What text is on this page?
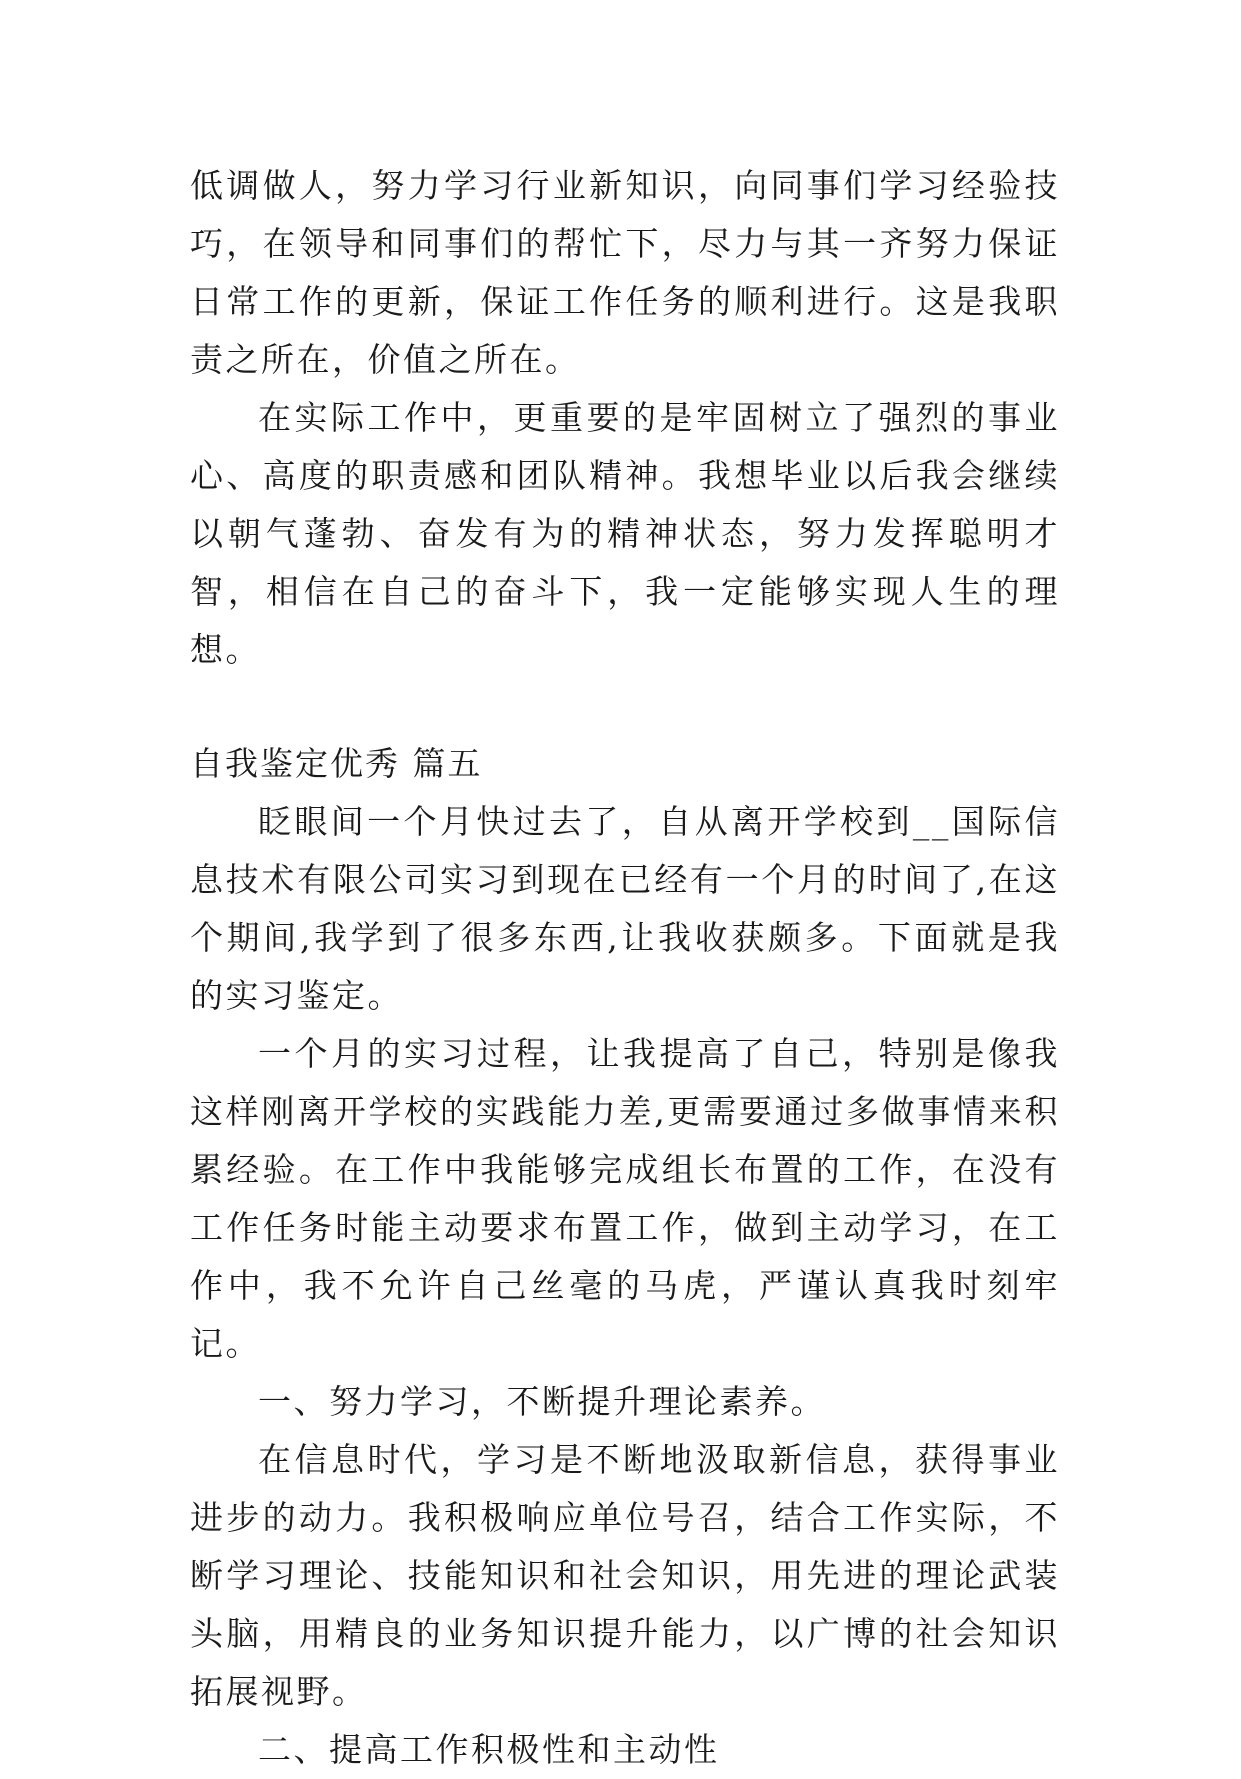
低调做人，努力学习行业新知识，向同事们学习经验技巧，在领导和同事们的帮忙下，尽力与其一齐努力保证日常工作的更新，保证工作任务的顺利进行。这是我职责之所在，价值之所在。

在实际工作中，更重要的是牢固树立了强烈的事业心、高度的职责感和团队精神。我想毕业以后我会继续以朝气蓬勃、奋发有为的精神状态，努力发挥聪明才智，相信在自己的奋斗下，我一定能够实现人生的理想。

自我鉴定优秀 篇五

眨眼间一个月快过去了，自从离开学校到__国际信息技术有限公司实习到现在已经有一个月的时间了,在这个期间,我学到了很多东西,让我收获颇多。下面就是我的实习鉴定。

一个月的实习过程，让我提高了自己，特别是像我这样刚离开学校的实践能力差,更需要通过多做事情来积累经验。在工作中我能够完成组长布置的工作，在没有工作任务时能主动要求布置工作，做到主动学习，在工作中，我不允许自己丝毫的马虎，严谨认真我时刻牢记。

一、努力学习，不断提升理论素养。

在信息时代，学习是不断地汲取新信息，获得事业进步的动力。我积极响应单位号召，结合工作实际，不断学习理论、技能知识和社会知识，用先进的理论武装头脑，用精良的业务知识提升能力，以广博的社会知识拓展视野。

二、提高工作积极性和主动性
